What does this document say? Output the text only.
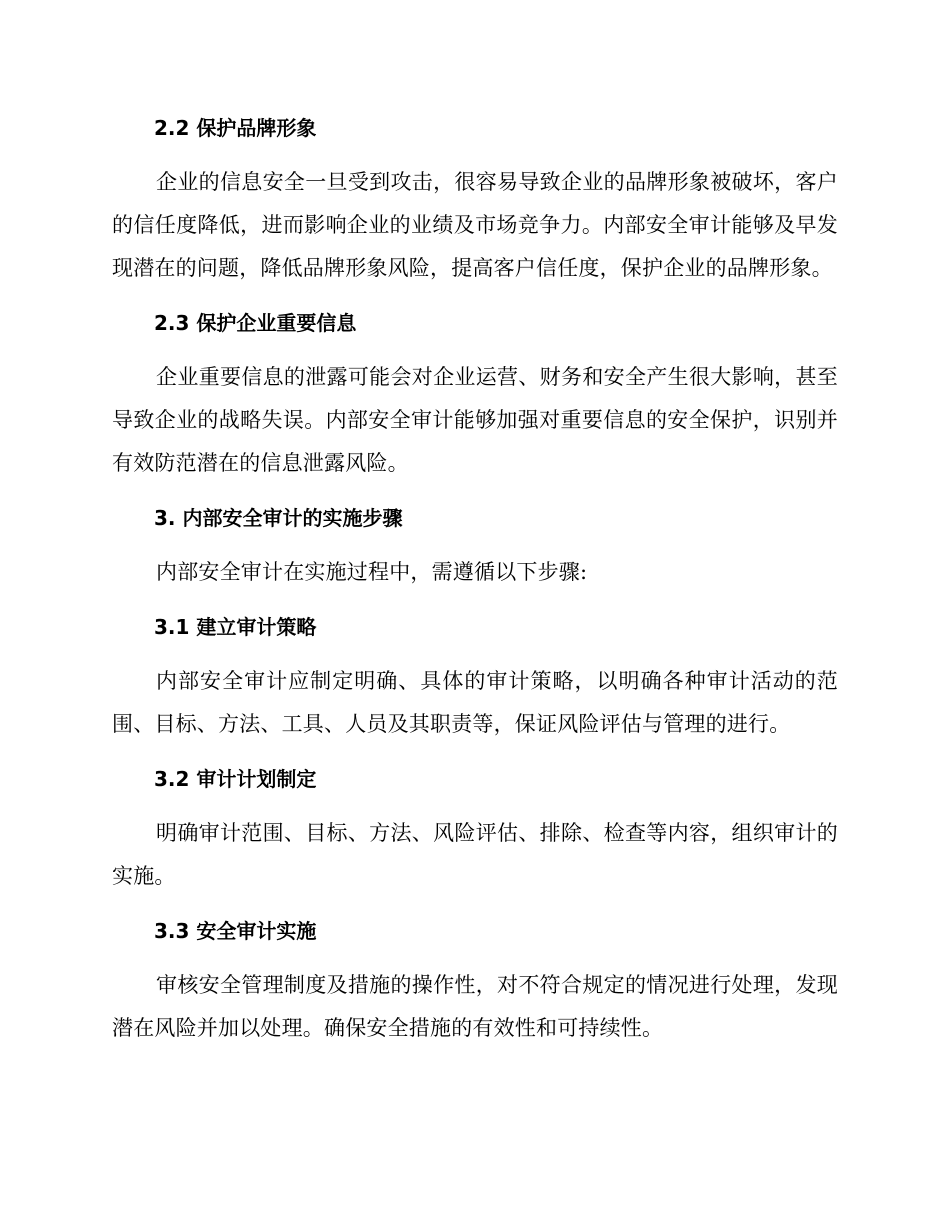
2.2 保护品牌形象

企业的信息安全一旦受到攻击，很容易导致企业的品牌形象被破坏，客户的信任度降低，进而影响企业的业绩及市场竞争力。内部安全审计能够及早发现潜在的问题，降低品牌形象风险，提高客户信任度，保护企业的品牌形象。

2.3 保护企业重要信息

企业重要信息的泄露可能会对企业运营、财务和安全产生很大影响，甚至导致企业的战略失误。内部安全审计能够加强对重要信息的安全保护，识别并有效防范潜在的信息泄露风险。

3. 内部安全审计的实施步骤

内部安全审计在实施过程中，需遵循以下步骤:

3.1 建立审计策略

内部安全审计应制定明确、具体的审计策略，以明确各种审计活动的范围、目标、方法、工具、人员及其职责等，保证风险评估与管理的进行。

3.2 审计计划制定

明确审计范围、目标、方法、风险评估、排除、检查等内容，组织审计的实施。

3.3 安全审计实施

审核安全管理制度及措施的操作性，对不符合规定的情况进行处理，发现潜在风险并加以处理。确保安全措施的有效性和可持续性。
